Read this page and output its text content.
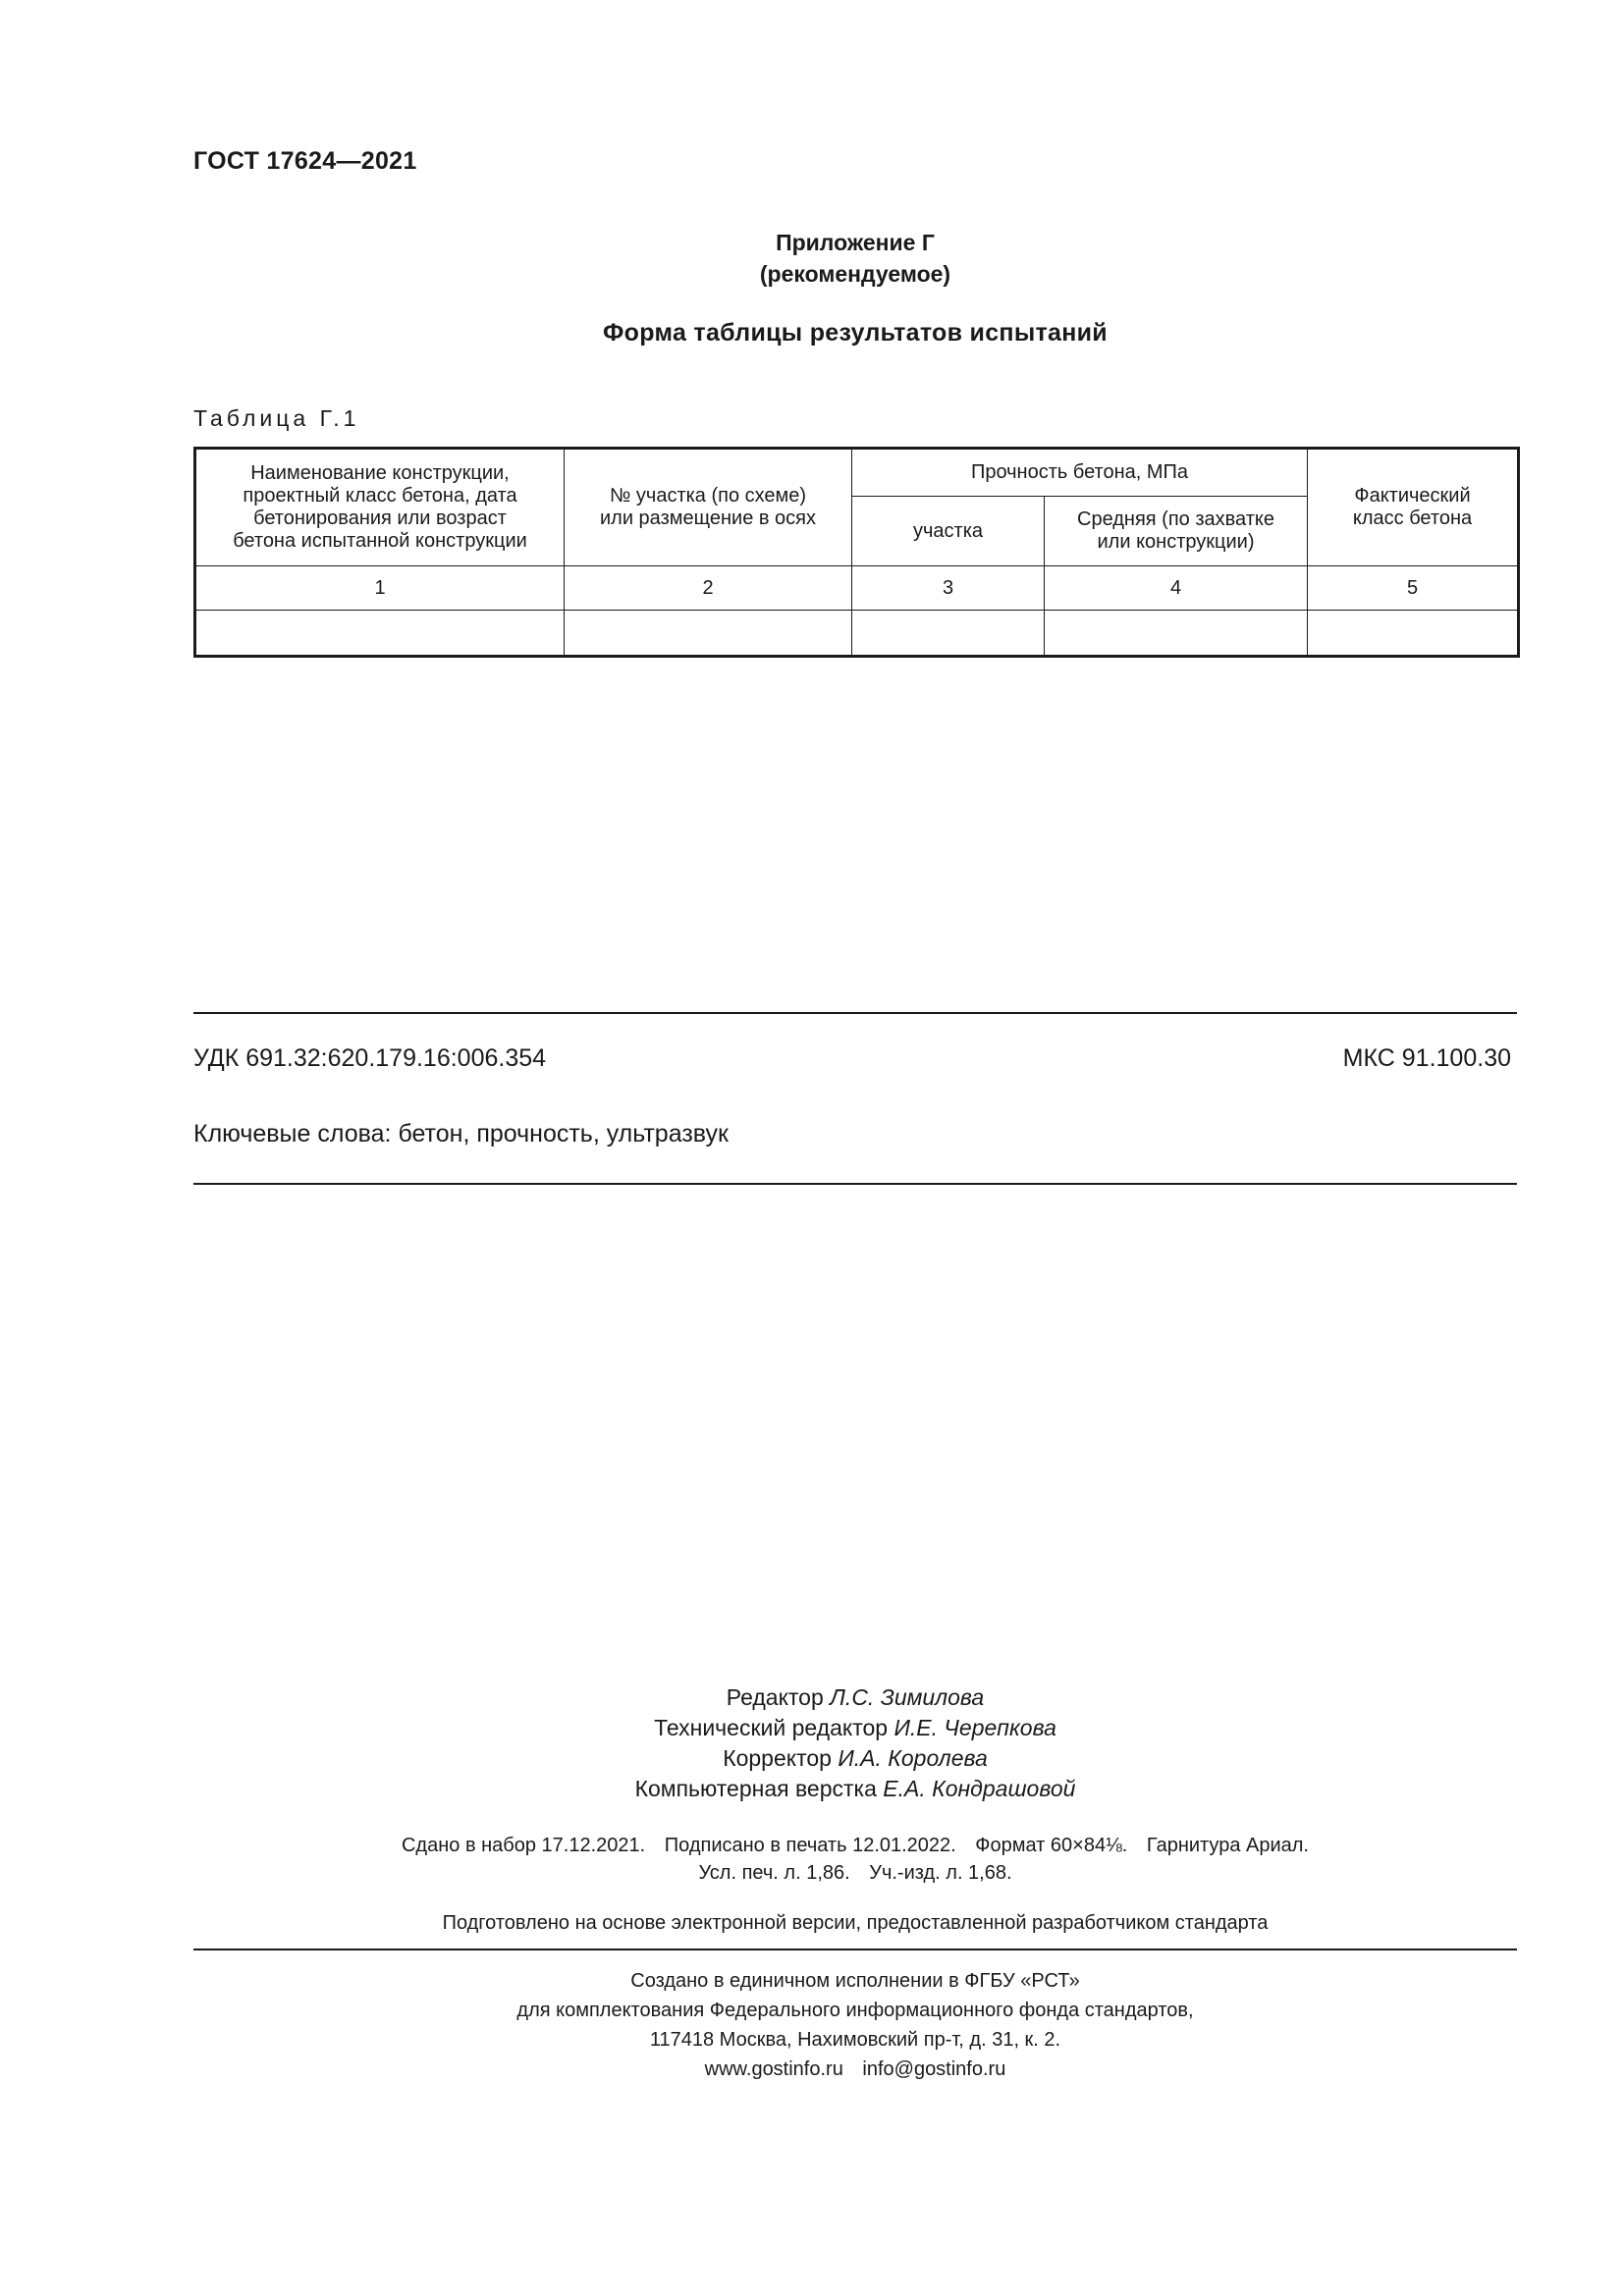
ГОСТ 17624—2021
Приложение Г
(рекомендуемое)
Форма таблицы результатов испытаний
Таблица Г.1
Наименование конструкции,
проектный класс бетона, дата
бетонирования или возраст
бетона испытанной конструкции

№ участка (по схеме)
или размещение в осях
	Прочность бетона, МПа	
Фактический
класс бетона

участка	
Средняя (по захватке
или конструкции)

1	2	3	4	5

УДК 691.32:620.179.16:006.354	МКС 91.100.30
Ключевые слова: бетон, прочность, ультразвук
Редактор Л.С. Зимилова
Технический редактор И.Е. Черепкова
Корректор И.А. Королева
Компьютерная верстка Е.А. Кондрашовой
Сдано в набор 17.12.2021. Подписано в печать 12.01.2022. Формат 60×84⅛. Гарнитура Ариал.
Усл. печ. л. 1,86. Уч.-изд. л. 1,68.
Подготовлено на основе электронной версии, предоставленной разработчиком стандарта
Создано в единичном исполнении в ФГБУ «РСТ»
для комплектования Федерального информационного фонда стандартов,
117418 Москва, Нахимовский пр-т, д. 31, к. 2.
www.gostinfo.ru info@gostinfo.ru
